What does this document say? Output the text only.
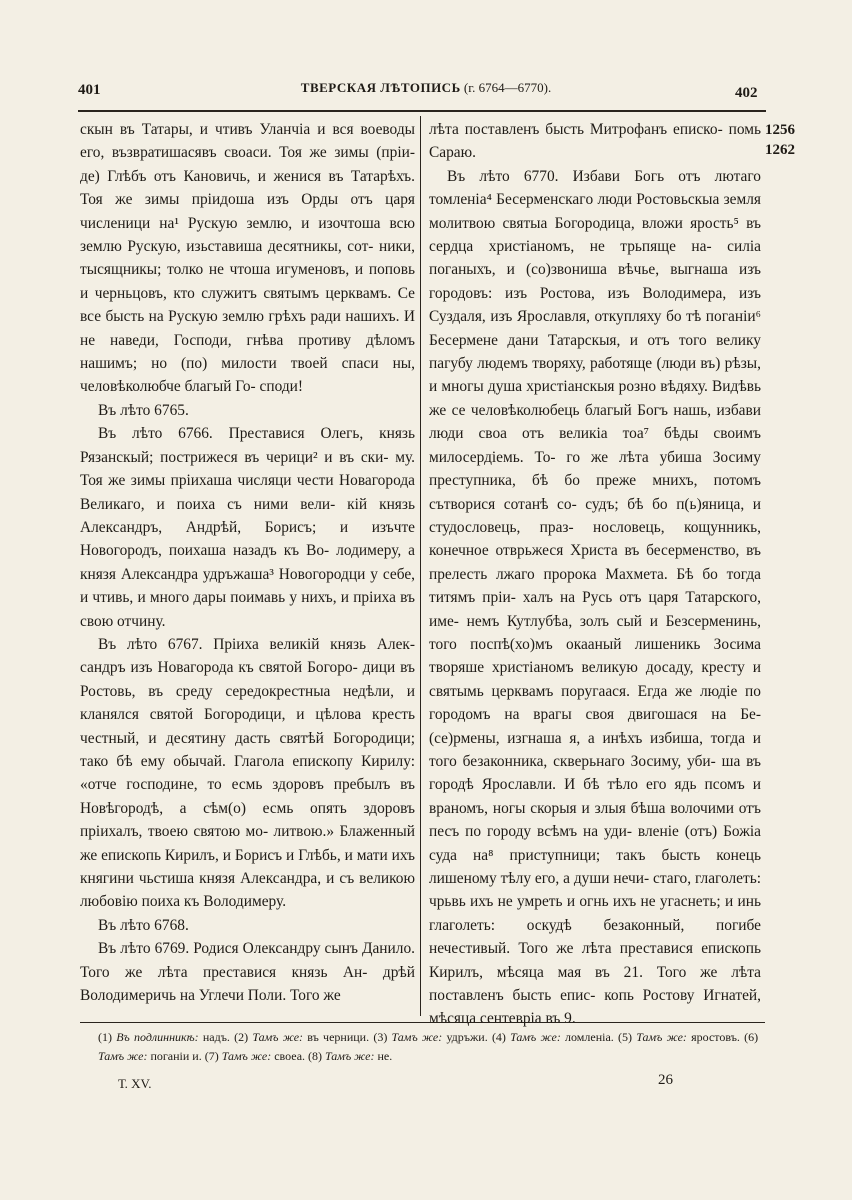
401	ТВЕРСКАЯ ЛѢТОПИСЬ (г. 6764—6770).	402

скын въ Татары, и чтивъ Уланчіа и вся воеводы его, възвратишасявъ своаси. Тоя же зимы (пріи- де) Глѣбъ отъ Кановичь, и женися въ Татарѣхъ. Тоя же зимы пріидоша изъ Орды отъ царя численици на¹ Рускую землю, и изочтоша всю землю Рускую, изьставиша десятникы, сот- ники, тысящникы; толко не чтоша игуменовъ, и поповь и черньцовъ, кто служитъ святымъ церквамъ. Се все бысть на Рускую землю грѣхъ ради нашихъ. И не наведи, Господи, гнѣва противу дѣломъ нашимъ; но (по) милости твоей спаси ны, человѣколюбче благый Го- споди!

Въ лѣто 6765.

Въ лѣто 6766. Преставися Олегь, князь Рязанскый; пострижеся въ черици² и въ ски- му. Тоя же зимы пріихаша числяци чести Новагорода Великаго, и поиха съ ними вели- кій князь Александръ, Андрѣй, Борисъ; и изъчте Новогородъ, поихаша назадъ къ Во- лодимеру, а князя Александра удръжаша³ Новогородци у себе, и чтивь, и много дары поимавь у нихъ, и пріиха въ свою отчину.

Въ лѣто 6767. Пріиха великій князь Алек- сандръ изъ Новагорода къ святой Богоро- дици въ Ростовь, въ среду середокрестныа недѣли, и кланялся святой Богородици, и цѣлова кресть честный, и десятину дасть святѣй Богородици; тако бѣ ему обычай. Глагола епископу Кирилу: «отче господине, то есмь здоровъ пребылъ въ Новѣгородѣ, а сѣм(о) есмь опять здоровъ пріихалъ, твоею святою мо- литвою.» Блаженный же епископь Кирилъ, и Борисъ и Глѣбь, и мати ихъ княгини чьстиша князя Александра, и съ великою любовію поиха къ Володимеру.

Въ лѣто 6768.

Въ лѣто 6769. Родися Олександру сынъ Данило. Того же лѣта преставися князь Ан- дрѣй Володимеричь на Углечи Поли. Того же

лѣта поставленъ бысть Митрофанъ еписко- помь Сараю.

Въ лѣто 6770. Избави Богь отъ лютаго томленіа⁴ Бесерменскагo люди Ростовьскыа земля молитвою святыа Богородица, вложи ярость⁵ въ сердца христіаномъ, не трьпяще на- силіа поганыхъ, и (со)звониша вѣчье, выгнаша изъ городовъ: изъ Ростова, изъ Володимера, изъ Суздаля, изъ Ярославля, откупляху бо тѣ поганіи⁶ Бесермене дани Татарскыя, и отъ того велику пагубу людемъ творяху, работяще (люди въ) рѣзы, и многы душа христіанскыя розно вѣдяху. Видѣвь же се человѣколюбець благый Богъ нашь, избави люди своа отъ великіа тоа⁷ бѣды своимъ милосердіемь. То- го же лѣта убиша Зосиму преступника, бѣ бо преже мнихъ, потомъ сътворися сотанѣ со- судъ; бѣ бо п(ь)яница, и студословець, праз- нословець, кощунникь, конечное отврьжеся Христа въ бесерменство, въ прелесть лжаго пророка Махмета. Бѣ бо тогда титямъ пріи- халъ на Русь отъ царя Татарского, име- немъ Кутлубѣа, золъ сый и Безсерменинь, того поспѣ(хо)мъ окааный лишеникь Зосима творяше христіаномъ великую досаду, кресту и святымь церквамъ поругаася. Егда же людіе по городомъ на врагы своя двигошася на Бе- (се)рмены, изгнаша я, а инѣхъ избиша, тогда и того безаконника, скверьнаго Зосиму, уби- ша въ городѣ Ярославли. И бѣ тѣло его ядь псомъ и враномъ, ногы скорыя и злыя бѣша волочими отъ песъ по городу всѣмъ на уди- вленіе (отъ) Божіа суда на⁸ приступници; такъ бысть конець лишеному тѣлу его, а души нечи- стаго, глаголеть: чрьвь ихъ не умреть и огнь ихъ не угаснеть; и инь глаголеть: оскудѣ безаконный, погибе нечестивый. Того же лѣта преставися епископь Кирилъ, мѣсяца мая въ 21. Того же лѣта поставленъ бысть епис- копь Ростову Игнатей, мѣсяца сентевріа въ 9.

1256
1262
(1) Въ подлинникѣ: надъ. (2) Тамъ же: въ черници. (3) Тамъ же: удръжи. (4) Тамъ же: ломленіа. (5) Тамъ же: яростовъ. (6) Тамъ же: поганіи и. (7) Тамъ же: своеа. (8) Тамъ же: не.
Т. XV.	26
